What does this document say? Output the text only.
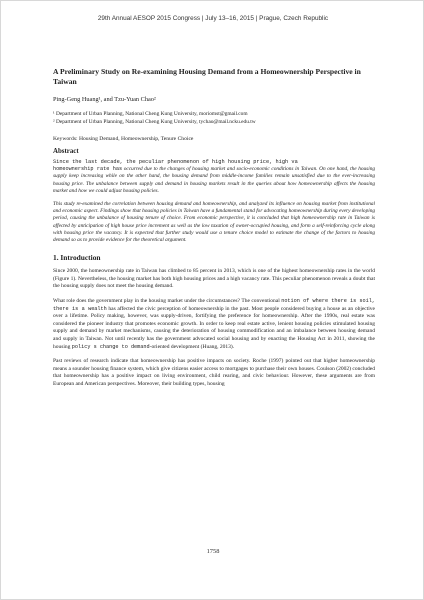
29th Annual AESOP 2015 Congress | July 13–16, 2015 | Prague, Czech Republic

A Preliminary Study on Re-examining Housing Demand from a Homeownership Perspective in Taiwan

Ping-Geng Huang¹, and Tzu-Yuan Chao²

¹ Department of Urban Planning, National Cheng Kung University, moriomst@gmail.com

² Department of Urban Planning, National Cheng Kung University, tychao@mail.ncku.edu.tw

Keywords: Housing Demand, Homeownership, Tenure Choice

Abstract

Since the last decade, the peculiar phenomenon of high housing price, high va
homeownership rate has occurred due to the changes of housing market and socio-economic conditions in Taiwan. On one hand, the housing supply keep increasing while on the other hand, the housing demand from middle-income families remain unsatisfied due to the ever-increasing housing price. The unbalance between supply and demand in housing markets result in the queries about how homeownership affects the housing market and how we could adjust housing policies.

This study re-examined the correlation between housing demand and homeownership, and analyzed its influence on housing market from institutional and economic aspect. Findings show that housing policies in Taiwan have a fundamental stand for advocating homeownership during every developing period, causing the unbalance of housing tenure of choice. From economic perspective, it is concluded that high homeownership rate in Taiwan is affected by anticipation of high house price increment as well as the low taxation of owner-occupied housing, and form a self-reinforcing cycle along with housing price the vacancy. It is expected that further study would use a tenure choice model to estimate the change of the factors to housing demand so as to provide evidence for the theoretical argument.

1. Introduction

Since 2000, the homeownership rate in Taiwan has climbed to 85 percent in 2013, which is one of the highest homeownership rates in the world (Figure 1). Nevertheless, the housing market has both high housing prices and a high vacancy rate. This peculiar phenomenon reveals a doubt that the housing supply does not meet the housing demand.

What role does the government play in the housing market under the circumstances? The conventional notion of where there is soil, there is a wealth has affected the civic perception of homeownership in the past. Most people considered buying a house as an objective over a lifetime. Policy making, however, was supply-driven, fortifying the preference for homeownership. After the 1990s, real estate was considered the pioneer industry that promotes economic growth. In order to keep real estate active, lenient housing policies stimulated housing supply and demand by market mechanisms, causing the deterioration of housing commodification and an imbalance between housing demand and supply in Taiwan. Not until recently has the government advocated social housing and by enacting the Housing Act in 2011, showing the housing policy s change to demand-oriented development (Huang, 2013).

Past reviews of research indicate that homeownership has positive impacts on society. Roche (1997) pointed out that higher homeownership means a sounder housing finance system, which give citizens easier access to mortgages to purchase their own houses. Coulson (2002) concluded that homeownership has a positive impact on living environment, child rearing, and civic behaviour. However, these arguments are from European and American perspectives. Moreover, their building types, housing

1758
